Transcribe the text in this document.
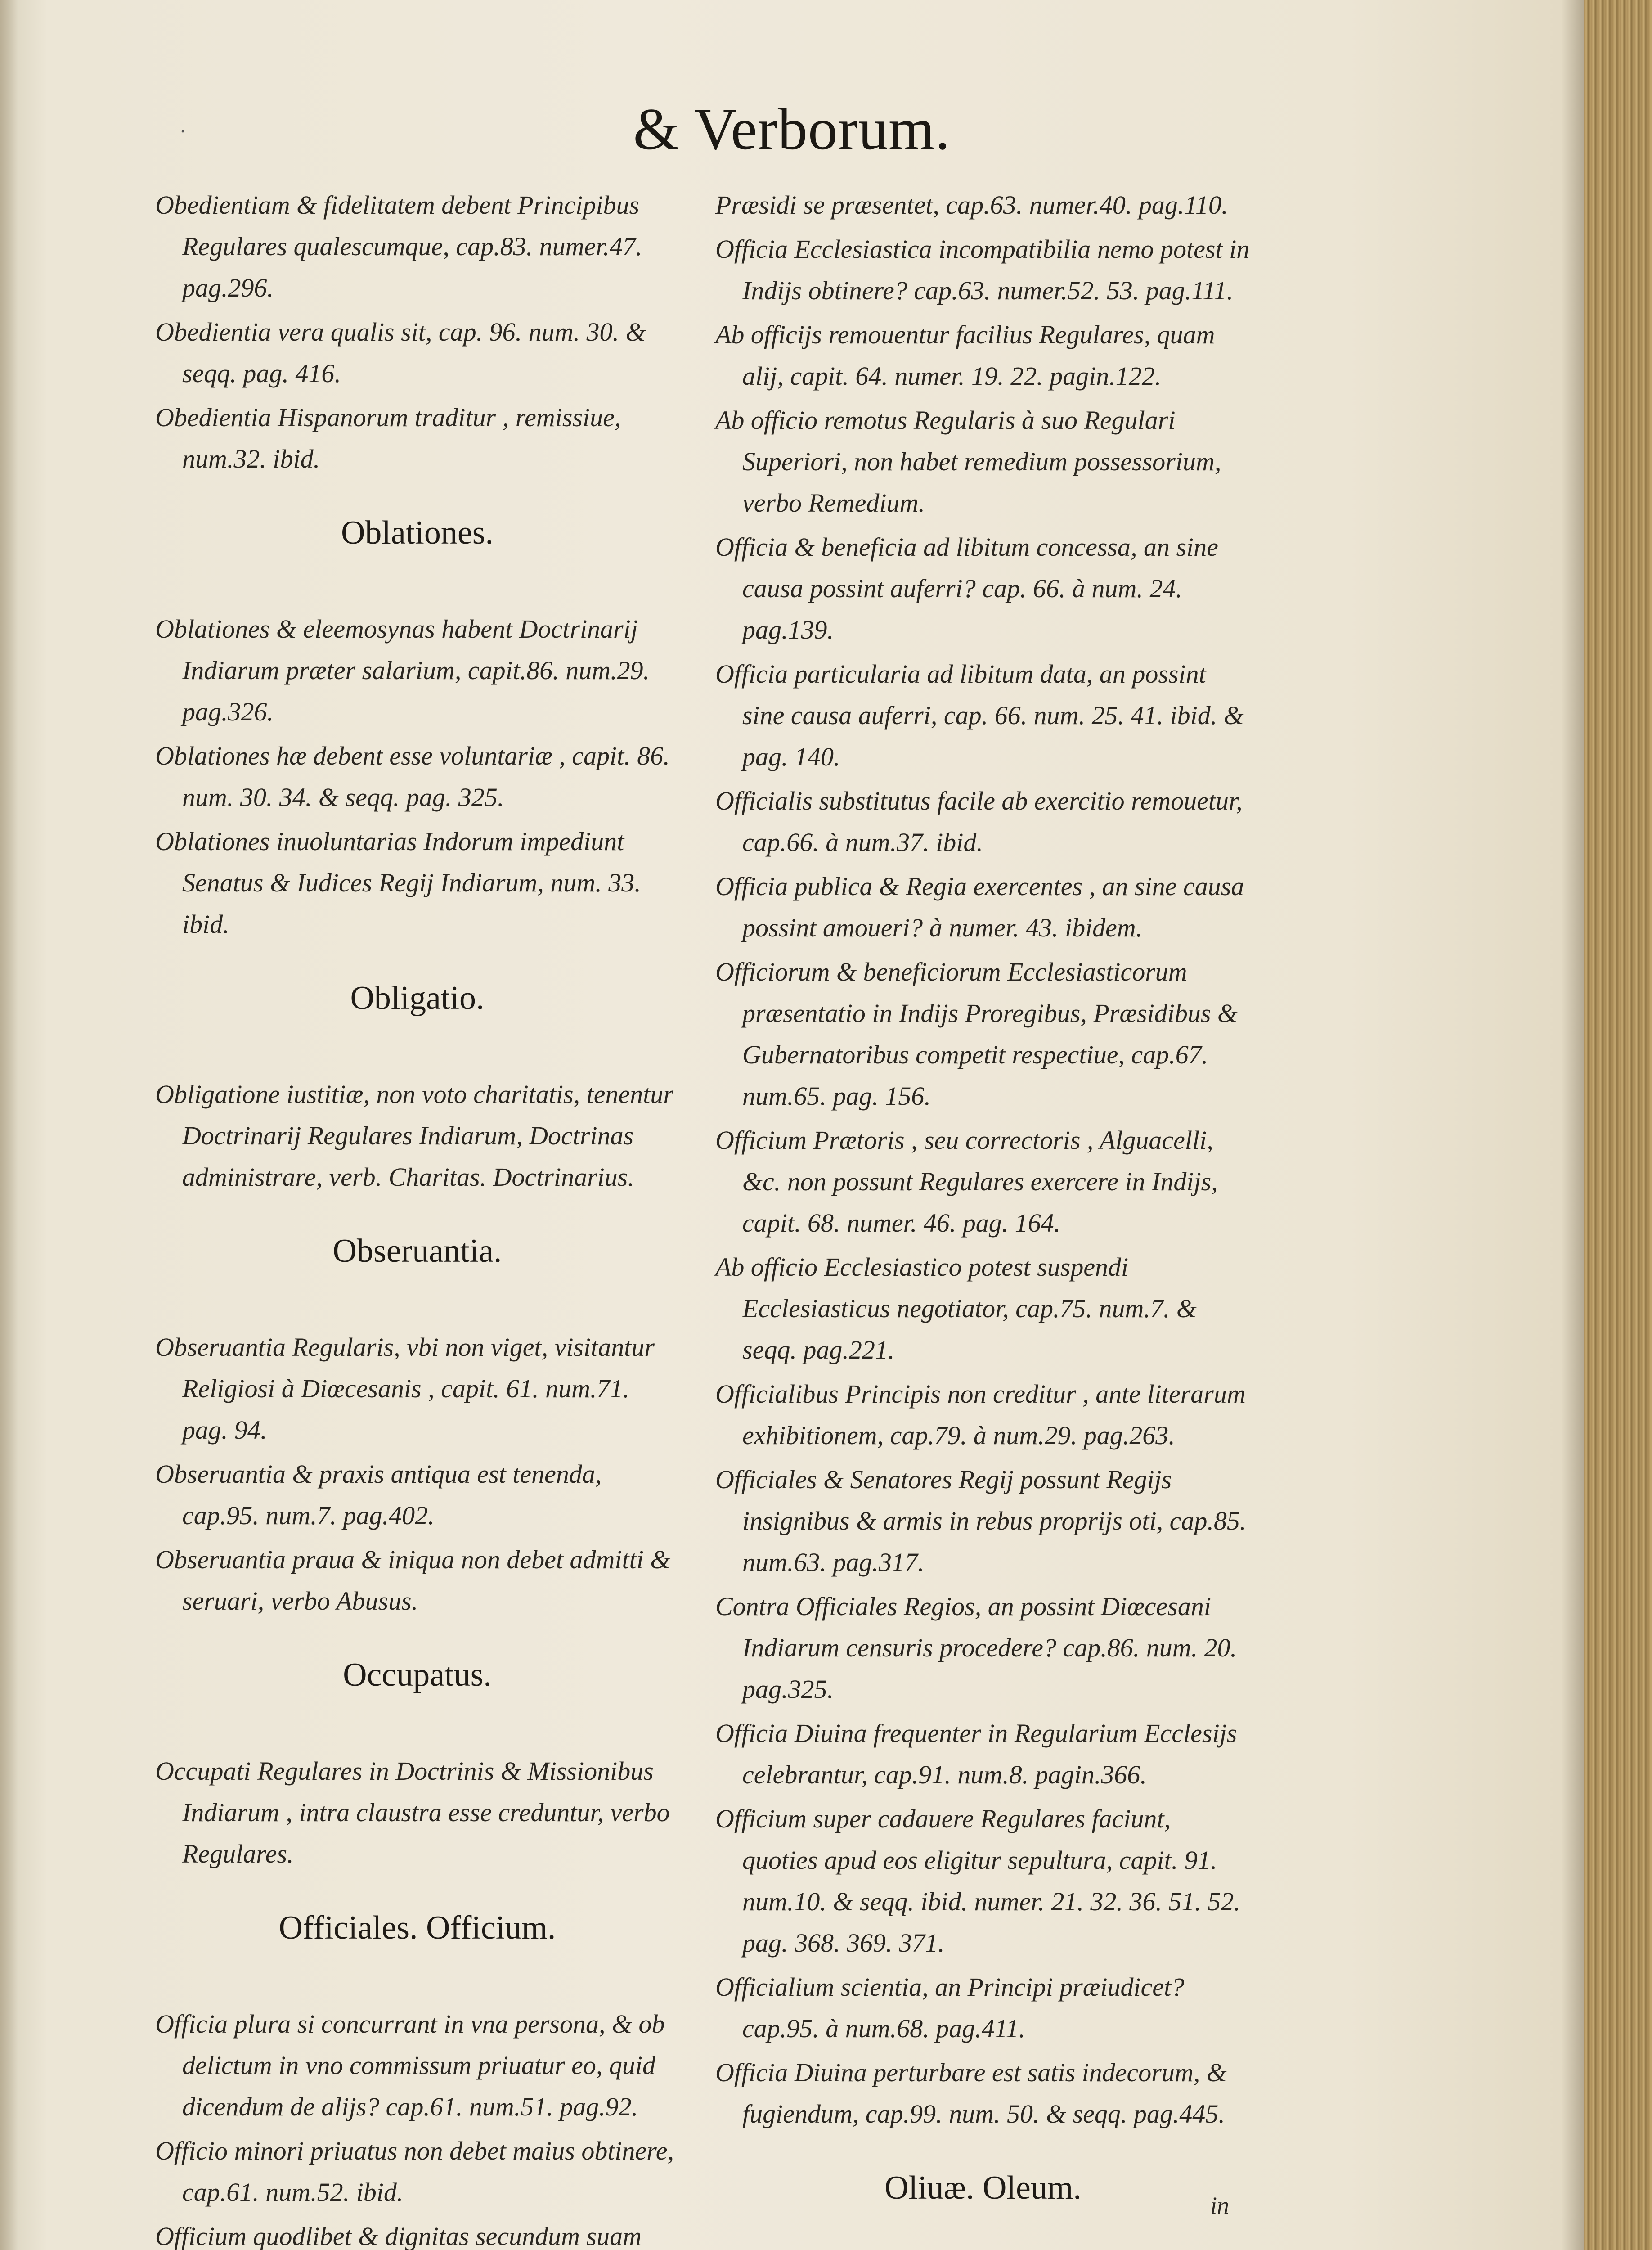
·	& Verborum.
Obedientiam & fidelitatem debent Principibus Regulares qualescumque, cap.83. numer.47. pag.296.
Obedientia vera qualis sit, cap. 96. num. 30. & seqq. pag. 416.
Obedientia Hispanorum traditur , remissiue, num.32. ibid.
Oblationes.
Oblationes & eleemosynas habent Doctrinarij Indiarum præter salarium, capit.86. num.29. pag.326.
Oblationes hæ debent esse voluntariæ , capit. 86. num. 30. 34. & seqq. pag. 325.
Oblationes inuoluntarias Indorum impediunt Senatus & Iudices Regij Indiarum, num. 33. ibid.
Obligatio.
Obligatione iustitiæ, non voto charitatis, tenentur Doctrinarij Regulares Indiarum, Doctrinas administrare, verb. Charitas. Doctrinarius.
Obseruantia.
Obseruantia Regularis, vbi non viget, visitantur Religiosi à Diœcesanis , capit. 61. num.71. pag. 94.
Obseruantia & praxis antiqua est tenenda, cap.95. num.7. pag.402.
Obseruantia praua & iniqua non debet admitti & seruari, verbo Abusus.
Occupatus.
Occupati Regulares in Doctrinis & Missionibus Indiarum , intra claustra esse creduntur, verbo Regulares.
Officiales. Officium.
Officia plura si concurrant in vna persona, & ob delictum in vno commissum priuatur eo, quid dicendum de alijs? cap.61. num.51. pag.92.
Officio minori priuatus non debet maius obtinere, cap.61. num.52. ibid.
Officium quodlibet & dignitas secundum suam
Præsidi se præsentet, cap.63. numer.40. pag.110.
Officia Ecclesiastica incompatibilia nemo potest in Indijs obtinere? cap.63. numer.52. 53. pag.111.
Ab officijs remouentur facilius Regulares, quam alij, capit. 64. numer. 19. 22. pagin.122.
Ab officio remotus Regularis à suo Regulari Superiori, non habet remedium possessorium, verbo Remedium.
Officia & beneficia ad libitum concessa, an sine causa possint auferri? cap. 66. à num. 24. pag.139.
Officia particularia ad libitum data, an possint sine causa auferri, cap. 66. num. 25. 41. ibid. & pag. 140.
Officialis substitutus facile ab exercitio remouetur, cap.66. à num.37. ibid.
Officia publica & Regia exercentes , an sine causa possint amoueri? à numer. 43. ibidem.
Officiorum & beneficiorum Ecclesiasticorum præsentatio in Indijs Proregibus, Præsidibus & Gubernatoribus competit respectiue, cap.67. num.65. pag. 156.
Officium Prætoris , seu correctoris , Alguacelli, &c. non possunt Regulares exercere in Indijs, capit. 68. numer. 46. pag. 164.
Ab officio Ecclesiastico potest suspendi Ecclesiasticus negotiator, cap.75. num.7. & seqq. pag.221.
Officialibus Principis non creditur , ante literarum exhibitionem, cap.79. à num.29. pag.263.
Officiales & Senatores Regij possunt Regijs insignibus & armis in rebus proprijs oti, cap.85. num.63. pag.317.
Contra Officiales Regios, an possint Diœcesani Indiarum censuris procedere? cap.86. num. 20. pag.325.
Officia Diuina frequenter in Regularium Ecclesijs celebrantur, cap.91. num.8. pagin.366.
Officium super cadauere Regulares faciunt, quoties apud eos eligitur sepultura, capit. 91. num.10. & seqq. ibid. numer. 21. 32. 36. 51. 52. pag. 368. 369. 371.
Officialium scientia, an Principi præiudicet? cap.95. à num.68. pag.411.
Officia Diuina perturbare est satis indecorum, & fugiendum, cap.99. num. 50. & seqq. pag.445.
Oliuæ. Oleum.	in
